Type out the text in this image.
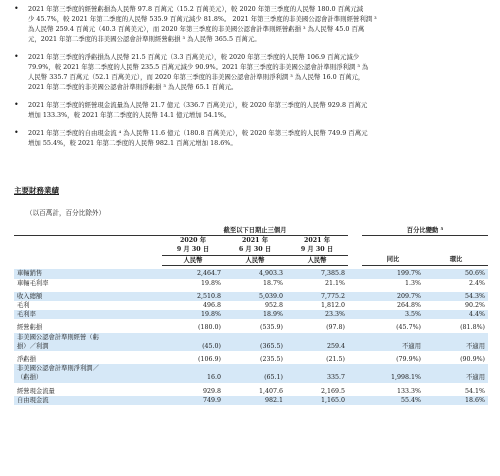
•	2021 年第三季度的經營虧損為人民幣 97.8 百萬元（15.2 百萬美元），較 2020 年第三季度的人民幣 180.0 百萬元減
少 45.7%，較 2021 年第二季度的人民幣 535.9 百萬元減少 81.8%。 2021 年第三季度的非美國公認會計準則經營利潤 ³
為人民幣 259.4 百萬元（40.3 百萬美元），而 2020 年第三季度的非美國公認會計準則經營虧損 ³ 為人民幣 45.0 百萬
元，2021 年第二季度的非美國公認會計準則經營虧損 ³ 為人民幣 365.5 百萬元。
•	2021 年第三季度的淨虧損為人民幣 21.5 百萬元（3.3 百萬美元），較 2020 年第三季度的人民幣 106.9 百萬元減少
79.9%，較 2021 年第二季度的人民幣 235.5 百萬元減少 90.9%。2021 年第三季度的非美國公認會計準則淨利潤 ³ 為
人民幣 335.7 百萬元（52.1 百萬美元），而 2020 年第三季度的非美國公認會計準則淨利潤 ³ 為人民幣 16.0 百萬元，
2021 年第二季度的非美國公認會計準則淨虧損 ³ 為人民幣 65.1 百萬元。
•	2021 年第三季度的經營現金流量為人民幣 21.7 億元（336.7 百萬美元），較 2020 年第三季度的人民幣 929.8 百萬元
增加 133.3%，較 2021 年第二季度的人民幣 14.1 億元增加 54.1%。
•	2021 年第三季度的自由現金流 ⁴ 為人民幣 11.6 億元（180.8 百萬美元），較 2020 年第三季度的人民幣 749.9 百萬元
增加 55.4%，較 2021 年第二季度的人民幣 982.1 百萬元增加 18.6%。
主要財務業績
（以百萬計，百分比除外）
	截至以下日期止三個月				百分比變動 ⁵	
	2020 年	2021 年	2021 年			
	9 月 30 日	6 月 30 日	9 月 30 日			
	人民幣	人民幣	人民幣		同比	環比

車輛銷售	2,464.7	4,903.3	7,385.8		199.7%	50.6%
車輛毛利率	19.8%	18.7%	21.1%		1.3%	2.4%

收入總額	2,510.8	5,039.0	7,775.2		209.7%	54.3%
毛利	496.8	952.8	1,812.0		264.8%	90.2%
毛利率	19.8%	18.9%	23.3%		3.5%	4.4%

經營虧損	(180.0)	(535.9)	(97.8)		(45.7%)	(81.8%)
非美國公認會計準則經營（虧						
損）／利潤	(45.0)	(365.5)	259.4		不適用	不適用

淨虧損	(106.9)	(235.5)	(21.5)		(79.9%)	(90.9%)
非美國公認會計準則淨利潤／						
（虧損）	16.0	(65.1)	335.7		1,998.1%	不適用

經營現金流量	929.8	1,407.6	2,169.5		133.3%	54.1%
自由現金流	749.9	982.1	1,165.0		55.4%	18.6%
